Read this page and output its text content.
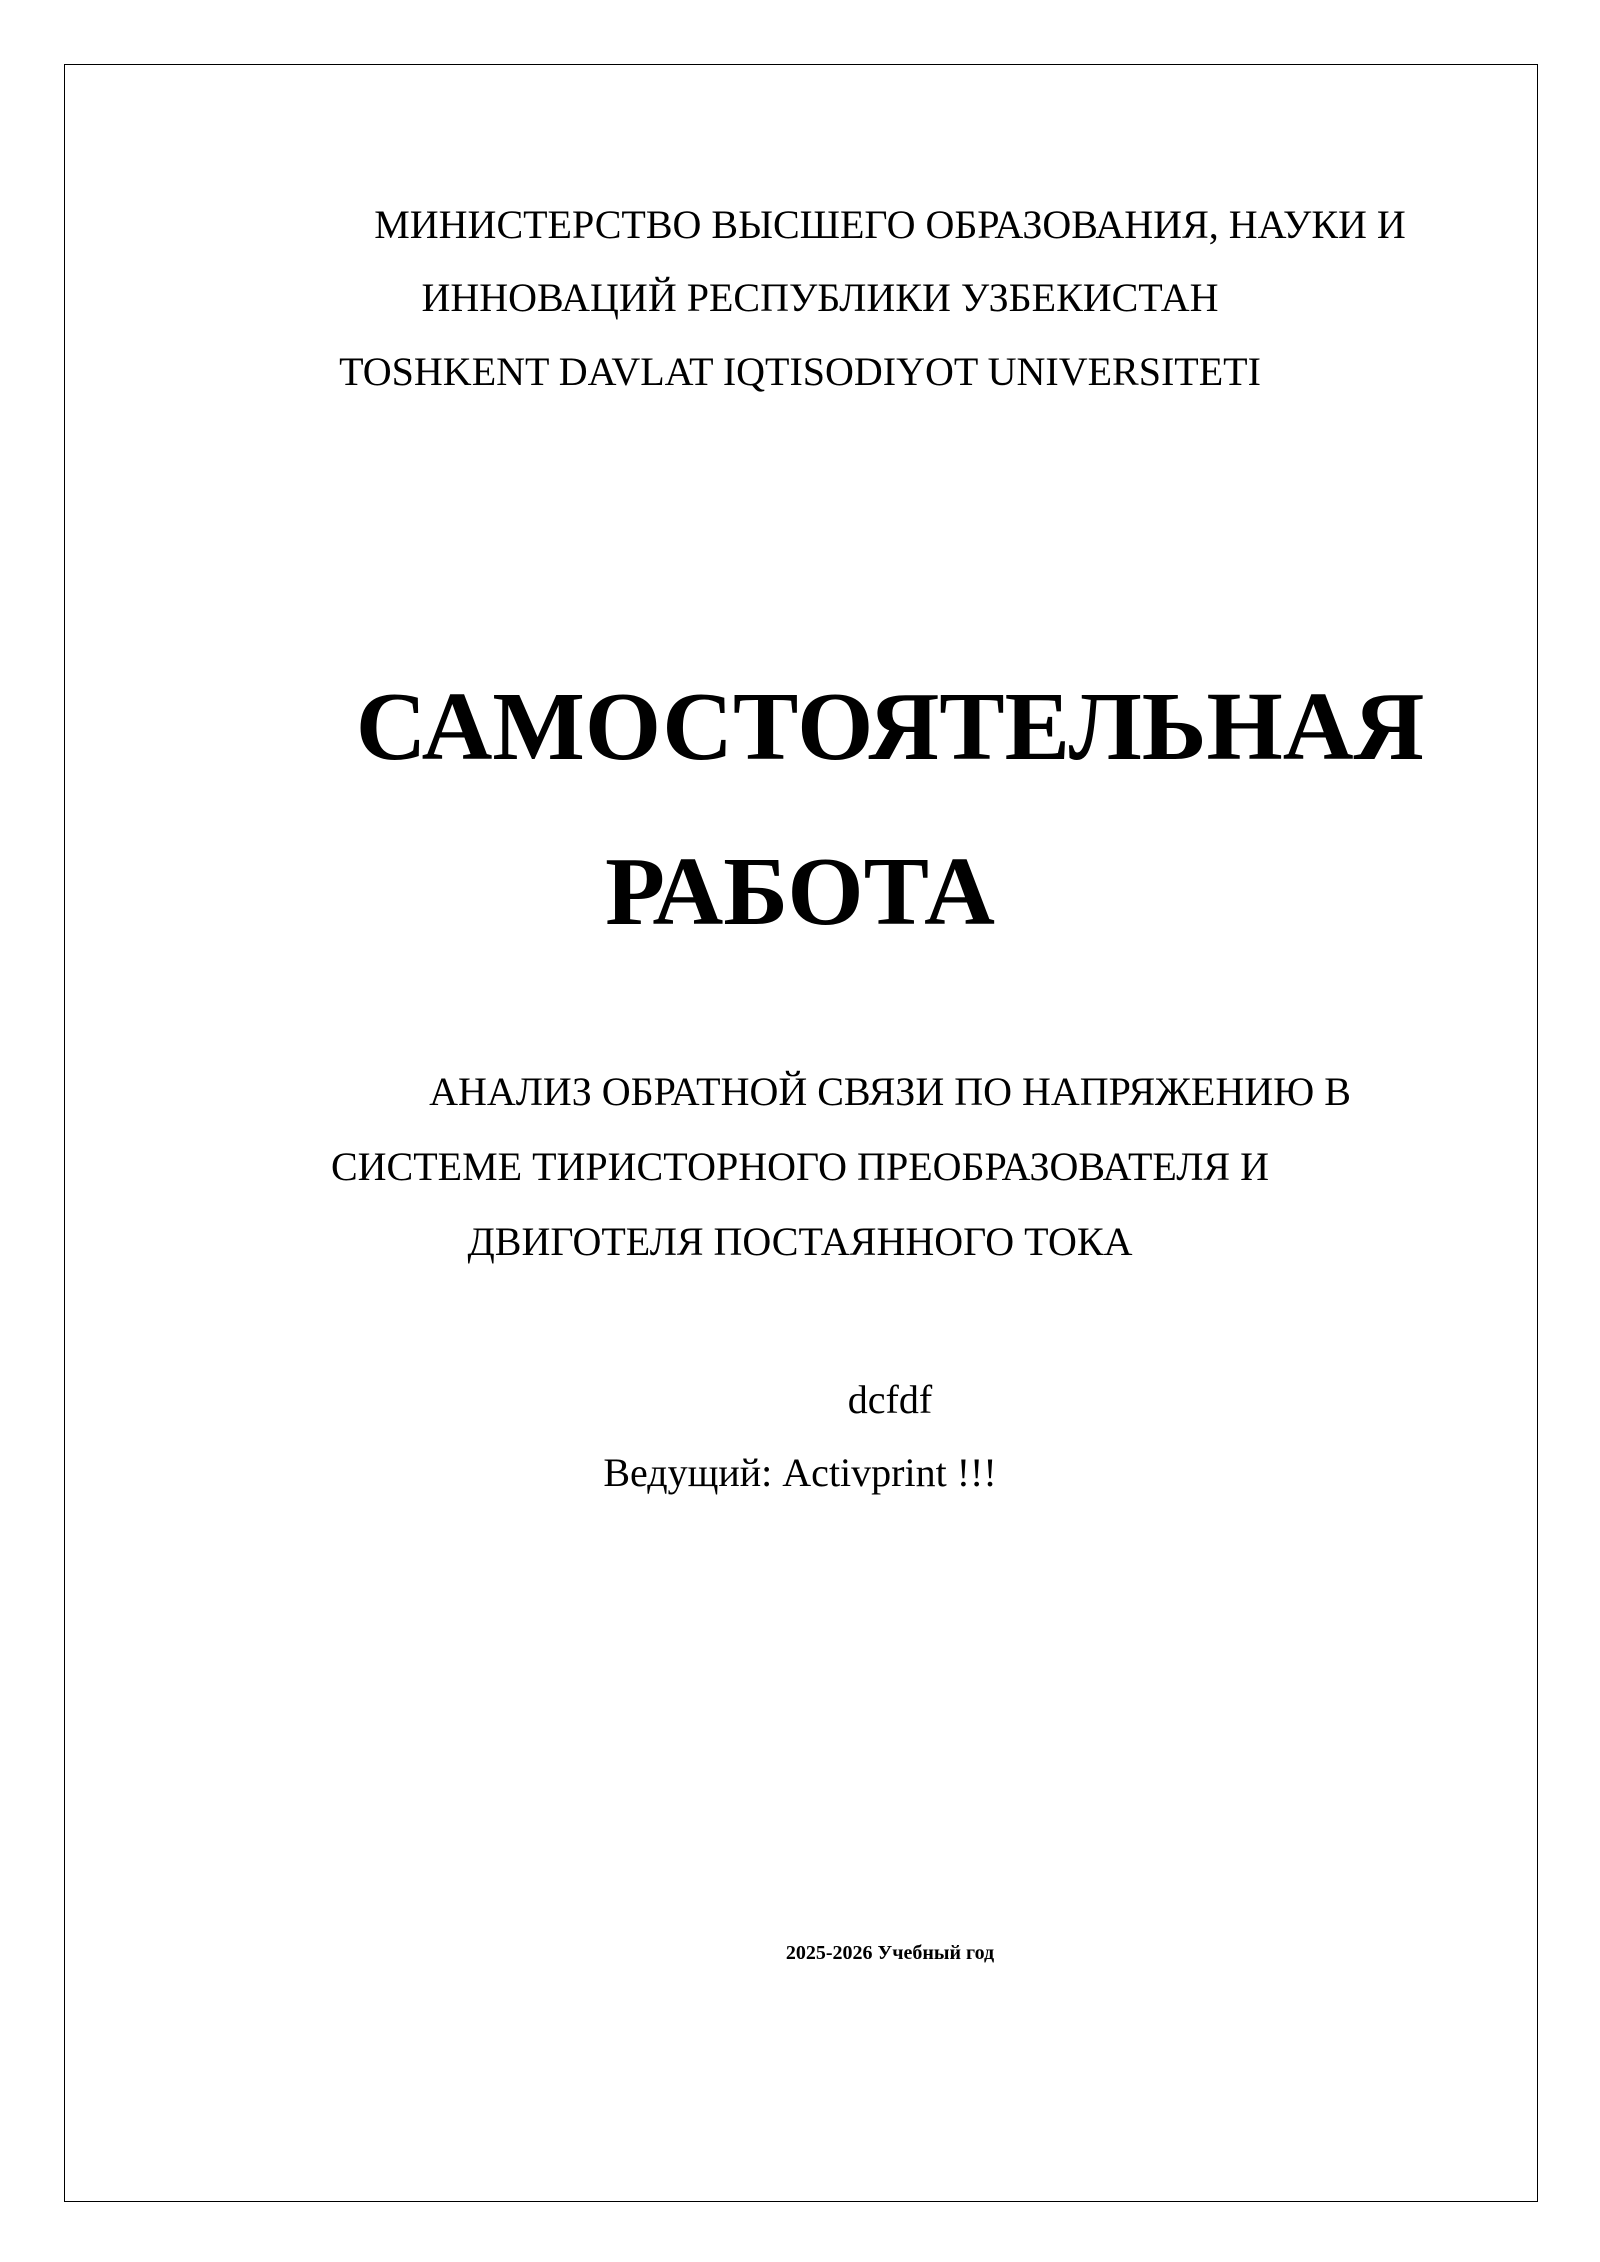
МИНИСТЕРСТВО ВЫСШЕГО ОБРАЗОВАНИЯ, НАУКИ И
ИННОВАЦИЙ РЕСПУБЛИКИ УЗБЕКИСТАН
TOSHKENT DAVLAT IQTISODIYOT UNIVERSITETI
САМОСТОЯТЕЛЬНАЯ
РАБОТА
АНАЛИЗ ОБРАТНОЙ СВЯЗИ ПО НАПРЯЖЕНИЮ В
СИСТЕМЕ ТИРИСТОРНОГО ПРЕОБРАЗОВАТЕЛЯ И
ДВИГОТЕЛЯ ПОСТАЯННОГО ТОКА
dcfdf
Ведущий: Activprint !!!
2025-2026 Учебный год
